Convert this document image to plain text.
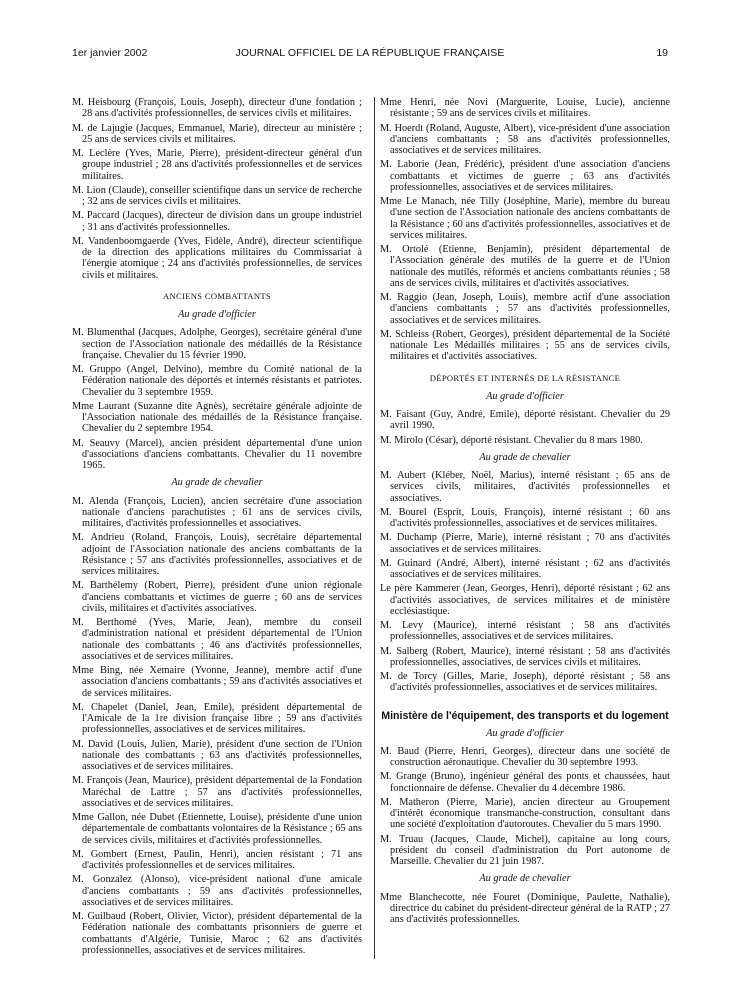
1er janvier 2002	JOURNAL OFFICIEL DE LA RÉPUBLIQUE FRANÇAISE	19
M. Heisbourg (François, Louis, Joseph), directeur d'une fondation ; 28 ans d'activités professionnelles, de services civils et militaires.
M. de Lajugie (Jacques, Emmanuel, Marie), directeur au ministère ; 25 ans de services civils et militaires.
M. Leclère (Yves, Marie, Pierre), président-directeur général d'un groupe industriel ; 28 ans d'activités professionnelles et de services militaires.
M. Lion (Claude), conseiller scientifique dans un service de recherche ; 32 ans de services civils et militaires.
M. Paccard (Jacques), directeur de division dans un groupe industriel ; 31 ans d'activités professionnelles.
M. Vandenboomgaerde (Yves, Fidèle, André), directeur scientifique de la direction des applications militaires du Commissariat à l'énergie atomique ; 24 ans d'activités professionnelles, de services civils et militaires.
ANCIENS COMBATTANTS
Au grade d'officier
M. Blumenthal (Jacques, Adolphe, Georges), secrétaire général d'une section de l'Association nationale des médaillés de la Résistance française. Chevalier du 15 février 1990.
M. Gruppo (Angel, Delvino), membre du Comité national de la Fédération nationale des déportés et internés résistants et patriotes. Chevalier du 3 septembre 1959.
Mme Laurant (Suzanne dite Agnès), secrétaire générale adjointe de l'Association nationale des médaillés de la Résistance française. Chevalier du 2 septembre 1954.
M. Seauvy (Marcel), ancien président départemental d'une union d'associations d'anciens combattants. Chevalier du 11 novembre 1965.
Au grade de chevalier
M. Alenda (François, Lucien), ancien secrétaire d'une association nationale d'anciens parachutistes ; 61 ans de services civils, militaires, d'activités professionnelles et associatives.
M. Andrieu (Roland, François, Louis), secrétaire départemental adjoint de l'Association nationale des anciens combattants de la Résistance ; 57 ans d'activités professionnelles, associatives et de services militaires.
M. Barthélemy (Robert, Pierre), président d'une union régionale d'anciens combattants et victimes de guerre ; 60 ans de services civils, militaires et d'activités associatives.
M. Berthomé (Yves, Marie, Jean), membre du conseil d'administration national et président départemental de l'Union nationale des combattants ; 46 ans d'activités professionnelles, associatives et de services militaires.
Mme Bing, née Xemaire (Yvonne, Jeanne), membre actif d'une association d'anciens combattants ; 59 ans d'activités associatives et de services militaires.
M. Chapelet (Daniel, Jean, Emile), président départemental de l'Amicale de la 1re division française libre ; 59 ans d'activités professionnelles, associatives et de services militaires.
M. David (Louis, Julien, Marie), président d'une section de l'Union nationale des combattants ; 63 ans d'activités professionnelles, associatives et de services militaires.
M. François (Jean, Maurice), président départemental de la Fondation Maréchal de Lattre ; 57 ans d'activités professionnelles, associatives et de services militaires.
Mme Gallon, née Dubet (Etiennette, Louise), présidente d'une union départementale de combattants volontaires de la Résistance ; 65 ans de services civils, militaires et d'activités professionnelles.
M. Gombert (Ernest, Paulin, Henri), ancien résistant ; 71 ans d'activités professionnelles et de services militaires.
M. Gonzalez (Alonso), vice-président national d'une amicale d'anciens combattants ; 59 ans d'activités professionnelles, associatives et de services militaires.
M. Guilbaud (Robert, Olivier, Victor), président départemental de la Fédération nationale des combattants prisonniers de guerre et combattants d'Algérie, Tunisie, Maroc ; 62 ans d'activités professionnelles, associatives et de services militaires.
Mme Henri, née Novi (Marguerite, Louise, Lucie), ancienne résistante ; 59 ans de services civils et militaires.
M. Hoerdt (Roland, Auguste, Albert), vice-président d'une association d'anciens combattants ; 58 ans d'activités professionnelles, associatives et de services militaires.
M. Laborie (Jean, Frédéric), président d'une association d'anciens combattants et victimes de guerre ; 63 ans d'activités professionnelles, associatives et de services militaires.
Mme Le Manach, née Tilly (Joséphine, Marie), membre du bureau d'une section de l'Association nationale des anciens combattants de la Résistance ; 60 ans d'activités professionnelles, associatives et de services militaires.
M. Ortolé (Etienne, Benjamin), président départemental de l'Association générale des mutilés de la guerre et de l'Union nationale des mutilés, réformés et anciens combattants réunies ; 58 ans de services civils, militaires et d'activités associatives.
M. Raggio (Jean, Joseph, Louis), membre actif d'une association d'anciens combattants ; 57 ans d'activités professionnelles, associatives et de services militaires.
M. Schleiss (Robert, Georges), président départemental de la Société nationale Les Médaillés militaires ; 55 ans de services civils, militaires et d'activités associatives.
DÉPORTÉS ET INTERNÉS DE LA RÉSISTANCE
Au grade d'officier
M. Faisant (Guy, André, Emile), déporté résistant. Chevalier du 29 avril 1990.
M. Mirolo (César), déporté résistant. Chevalier du 8 mars 1980.
Au grade de chevalier
M. Aubert (Kléber, Noël, Marius), interné résistant ; 65 ans de services civils, militaires, d'activités professionnelles et associatives.
M. Bourel (Esprit, Louis, François), interné résistant ; 60 ans d'activités professionnelles, associatives et de services militaires.
M. Duchamp (Pierre, Marie), interné résistant ; 70 ans d'activités associatives et de services militaires.
M. Guinard (André, Albert), interné résistant ; 62 ans d'activités associatives et de services militaires.
Le père Kammerer (Jean, Georges, Henri), déporté résistant ; 62 ans d'activités associatives, de services militaires et de ministère ecclésiastique.
M. Levy (Maurice), interné résistant ; 58 ans d'activités professionnelles, associatives et de services militaires.
M. Salberg (Robert, Maurice), interné résistant ; 58 ans d'activités professionnelles, associatives, de services civils et militaires.
M. de Torcy (Gilles, Marie, Joseph), déporté résistant ; 58 ans d'activités professionnelles, associatives et de services militaires.
Ministère de l'équipement, des transports et du logement
Au grade d'officier
M. Baud (Pierre, Henri, Georges), directeur dans une société de construction aéronautique. Chevalier du 30 septembre 1993.
M. Grange (Bruno), ingénieur général des ponts et chaussées, haut fonctionnaire de défense. Chevalier du 4 décembre 1986.
M. Matheron (Pierre, Marie), ancien directeur au Groupement d'intérêt économique transmanche-construction, consultant dans une société d'exploitation d'autoroutes. Chevalier du 5 mars 1990.
M. Truau (Jacques, Claude, Michel), capitaine au long cours, président du conseil d'administration du Port autonome de Marseille. Chevalier du 21 juin 1987.
Au grade de chevalier
Mme Blanchecotte, née Fouret (Dominique, Paulette, Nathalie), directrice du cabinet du président-directeur général de la RATP ; 27 ans d'activités professionnelles.
